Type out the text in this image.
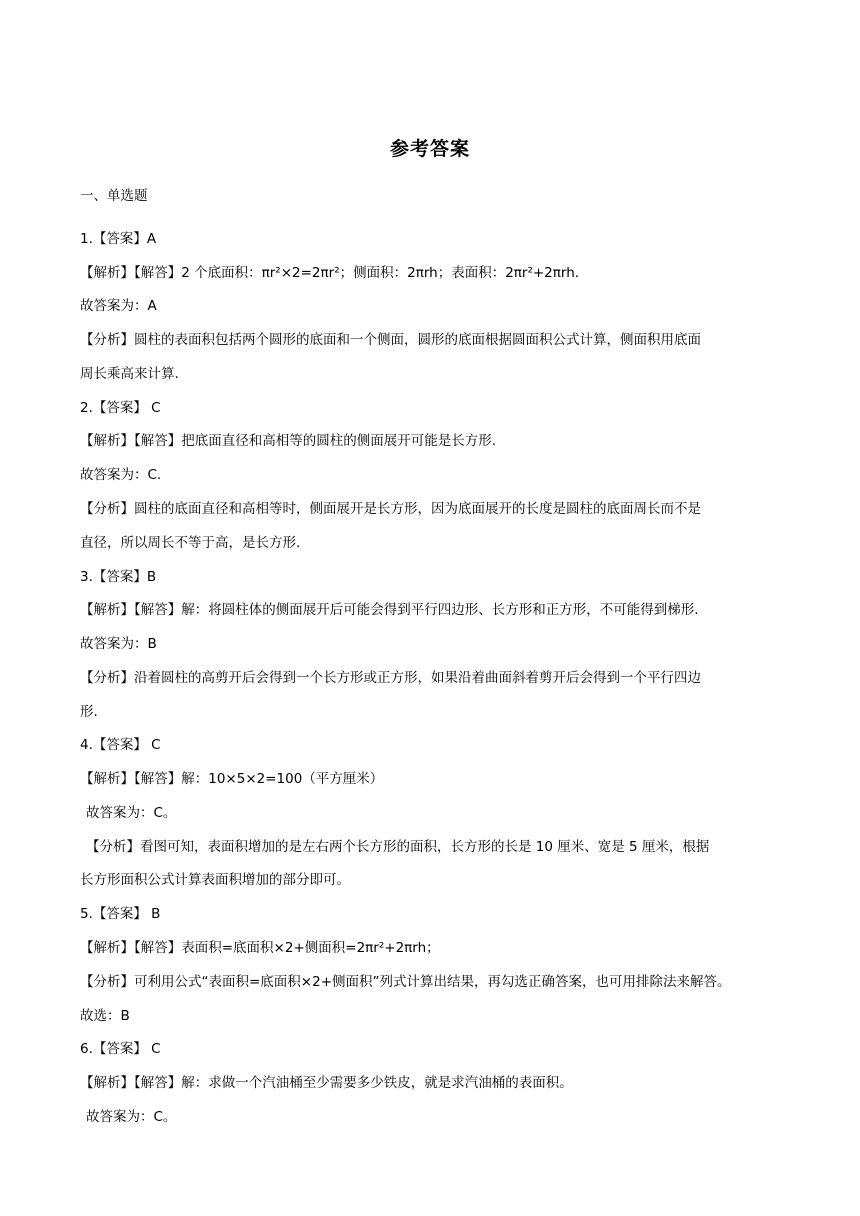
参考答案
一、单选题
1.【答案】A
【解析】【解答】2 个底面积：πr²×2=2πr²；侧面积：2πrh；表面积：2πr²+2πrh.
故答案为：A
【分析】圆柱的表面积包括两个圆形的底面和一个侧面，圆形的底面根据圆面积公式计算，侧面积用底面
周长乘高来计算.
2.【答案】 C
【解析】【解答】把底面直径和高相等的圆柱的侧面展开可能是长方形.
故答案为：C.
【分析】圆柱的底面直径和高相等时，侧面展开是长方形，因为底面展开的长度是圆柱的底面周长而不是
直径，所以周长不等于高，是长方形.
3.【答案】B
【解析】【解答】解：将圆柱体的侧面展开后可能会得到平行四边形、长方形和正方形，不可能得到梯形.
故答案为：B
【分析】沿着圆柱的高剪开后会得到一个长方形或正方形，如果沿着曲面斜着剪开后会得到一个平行四边
形.
4.【答案】 C
【解析】【解答】解：10×5×2=100（平方厘米）
故答案为：C。
【分析】看图可知，表面积增加的是左右两个长方形的面积，长方形的长是 10 厘米、宽是 5 厘米，根据
长方形面积公式计算表面积增加的部分即可。
5.【答案】 B
【解析】【解答】表面积=底面积×2+侧面积=2πr²+2πrh；
【分析】可利用公式“表面积=底面积×2+侧面积”列式计算出结果，再勾选正确答案，也可用排除法来解答。
故选：B
6.【答案】 C
【解析】【解答】解：求做一个汽油桶至少需要多少铁皮，就是求汽油桶的表面积。
故答案为：C。
